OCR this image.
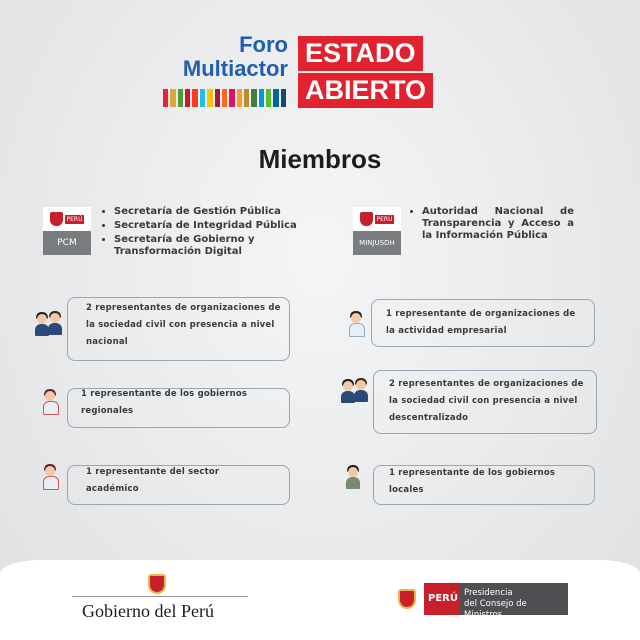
Foro
Multiactor
ESTADO
ABIERTO
Miembros
PERÚ
PCM
• Secretaría de Gestión Pública
• Secretaría de Integridad Pública
• Secretaría de Gobierno y Transformación Digital
PERÚ
MINJUSDH
• Autoridad Nacional de Transparencia y Acceso a la Información Pública
2 representantes de organizaciones de la sociedad civil con presencia a nivel nacional
1 representante de organizaciones de la actividad empresarial
1 representante de los gobiernos regionales
2 representantes de organizaciones de la sociedad civil con presencia a nivel descentralizado
1 representante del sector académico
1 representante de los gobiernos locales
Gobierno del Perú
PERÚ Presidencia
del Consejo de Ministros
